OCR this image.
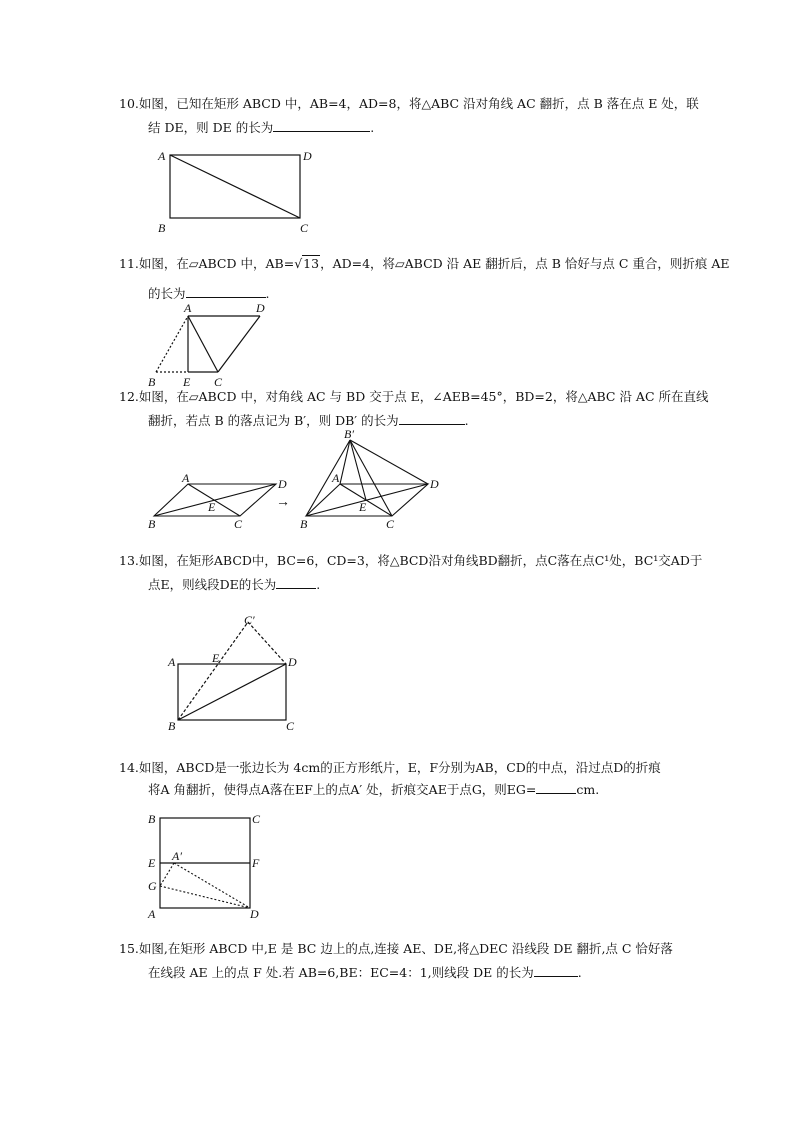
10.如图，已知在矩形 ABCD 中，AB=4，AD=8，将△ABC 沿对角线 AC 翻折，点 B 落在点 E 处，联
结 DE，则 DE 的长为	.
A	D
B	C
11.如图，在▱ABCD 中，AB=√13，AD=4，将▱ABCD 沿 AE 翻折后，点 B 恰好与点 C 重合，则折痕 AE
的长为	.
A	D
B E C
12.如图，在▱ABCD 中，对角线 AC 与 BD 交于点 E，∠AEB=45°，BD=2，将△ABC 沿 AC 所在直线
翻折，若点 B 的落点记为 B′，则 DB′ 的长为	.
A	D
B
E
C
→
B′
A	D
B
E
C
13.如图，在矩形ABCD中，BC=6，CD=3，将△BCD沿对角线BD翻折，点C落在点C¹处，BC¹交AD于
点E，则线段DE的长为	.
C′
A	E	D
B	C
14.如图，ABCD是一张边长为 4cm的正方形纸片，E，F分别为AB，CD的中点，沿过点D的折痕
将A 角翻折，使得点A落在EF上的点A′ 处，折痕交AE于点G，则EG=	cm.
B	C
E	F
A′
G
A	D
15.如图,在矩形 ABCD 中,E 是 BC 边上的点,连接 AE、DE,将△DEC 沿线段 DE 翻折,点 C 恰好落
在线段 AE 上的点 F 处.若 AB=6,BE：EC=4：1,则线段 DE 的长为	.
